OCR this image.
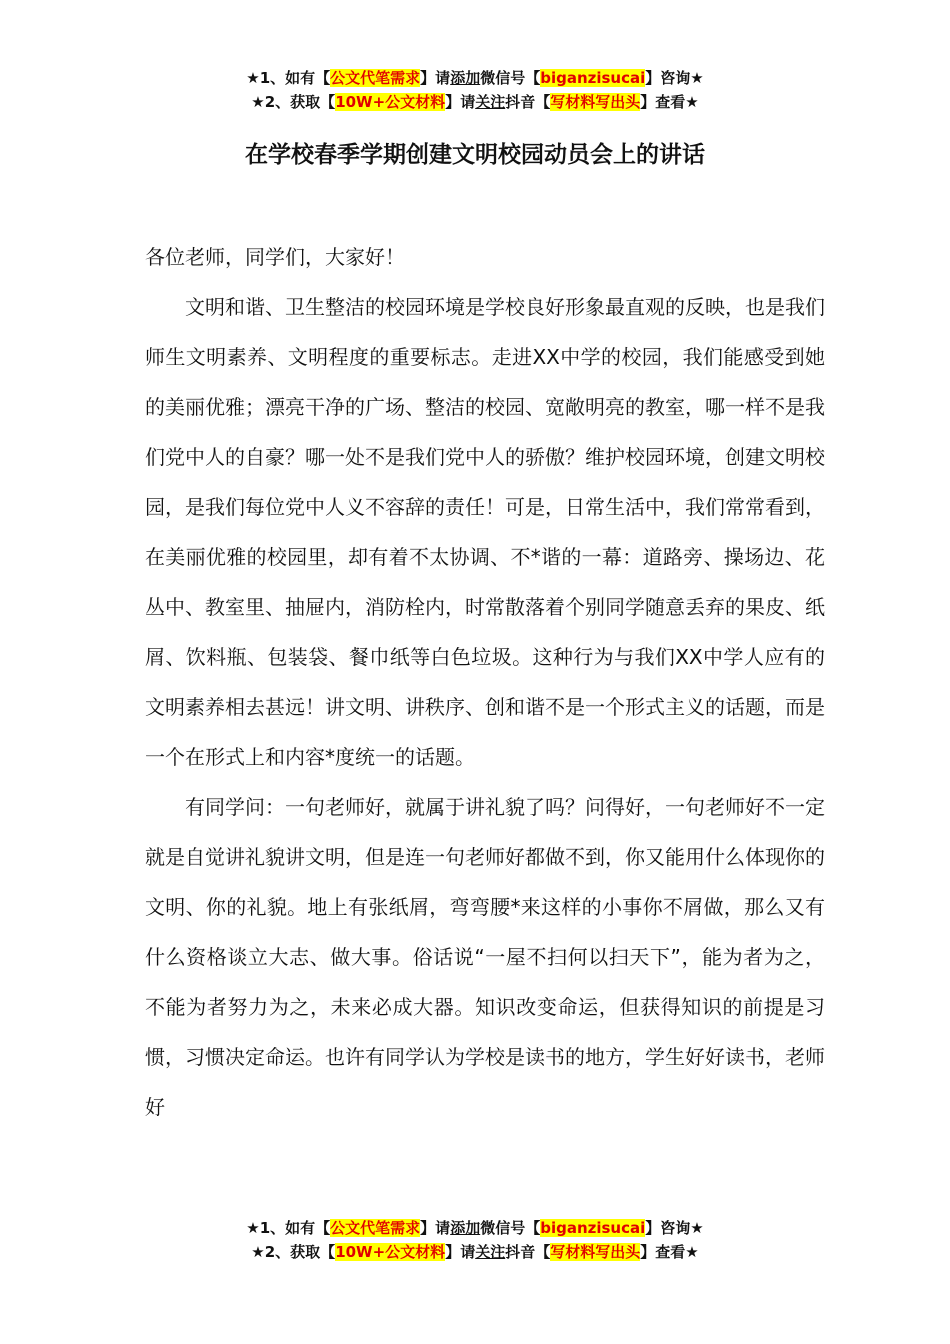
★1、如有【公文代笔需求】请添加微信号【biganzisucai】咨询★
★2、获取【10W+公文材料】请关注抖音【写材料写出头】查看★
在学校春季学期创建文明校园动员会上的讲话

各位老师，同学们，大家好！

文明和谐、卫生整洁的校园环境是学校良好形象最直观的反映，也是我们师生文明素养、文明程度的重要标志。走进XX中学的校园，我们能感受到她的美丽优雅；漂亮干净的广场、整洁的校园、宽敞明亮的教室，哪一样不是我们党中人的自豪？哪一处不是我们党中人的骄傲？维护校园环境，创建文明校园，是我们每位党中人义不容辞的责任！可是，日常生活中，我们常常看到，在美丽优雅的校园里，却有着不太协调、不*谐的一幕：道路旁、操场边、花丛中、教室里、抽屉内，消防栓内，时常散落着个别同学随意丢弃的果皮、纸屑、饮料瓶、包装袋、餐巾纸等白色垃圾。这种行为与我们XX中学人应有的文明素养相去甚远！讲文明、讲秩序、创和谐不是一个形式主义的话题，而是一个在形式上和内容*度统一的话题。

有同学问：一句老师好，就属于讲礼貌了吗？问得好，一句老师好不一定就是自觉讲礼貌讲文明，但是连一句老师好都做不到，你又能用什么体现你的文明、你的礼貌。地上有张纸屑，弯弯腰*来这样的小事你不屑做，那么又有什么资格谈立大志、做大事。俗话说“一屋不扫何以扫天下”，能为者为之，不能为者努力为之，未来必成大器。知识改变命运，但获得知识的前提是习惯，习惯决定命运。也许有同学认为学校是读书的地方，学生好好读书，老师好

★1、如有【公文代笔需求】请添加微信号【biganzisucai】咨询★
★2、获取【10W+公文材料】请关注抖音【写材料写出头】查看★
